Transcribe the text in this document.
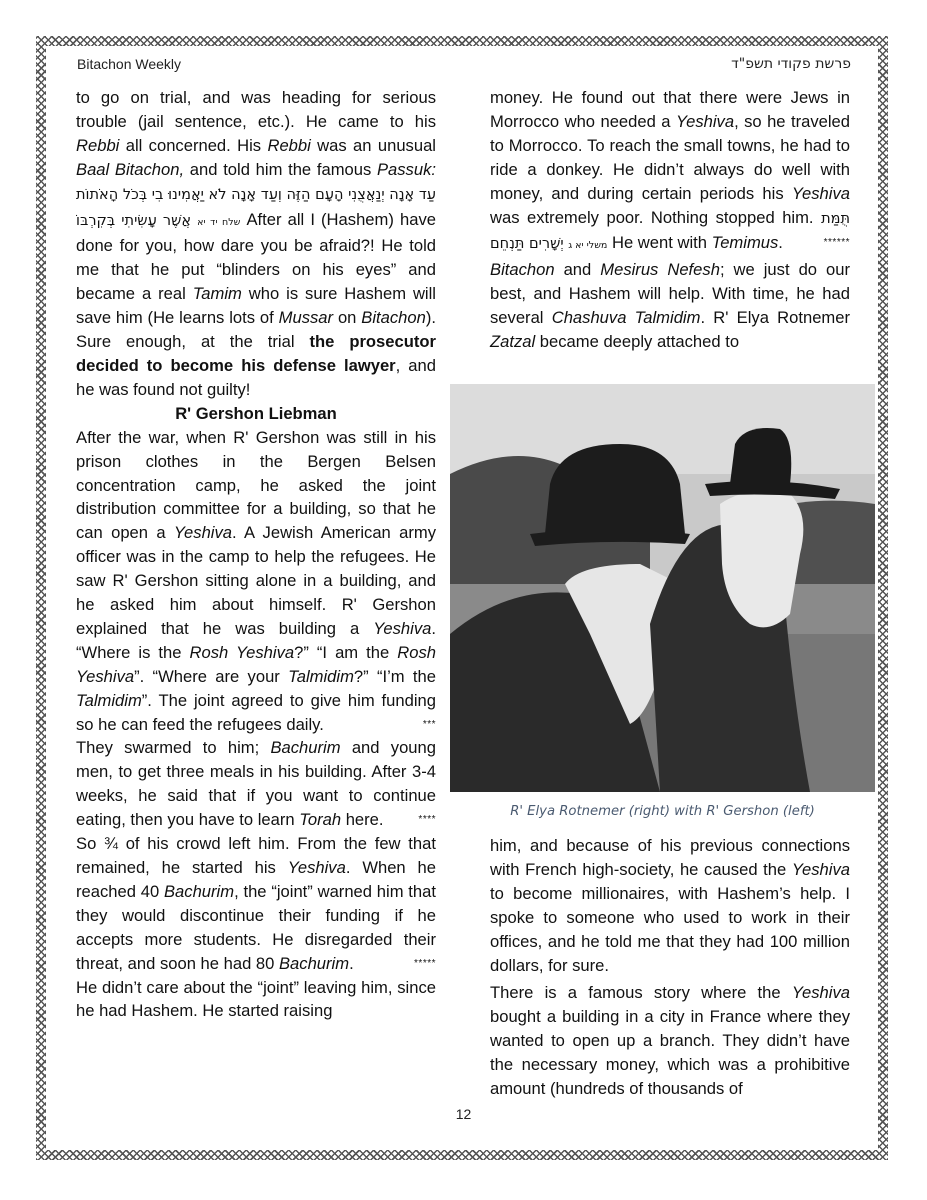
Bitachon Weekly	פרשת פקודי תשפ"ד

to go on trial, and was heading for serious trouble (jail sentence, etc.). He came to his Rebbi all concerned. His Rebbi was an unusual Baal Bitachon, and told him the famous Passuk: עַד אָנָה יְנַאֲצֻנִי הָעָם הַזֶּה וְעַד אָנָה לֹא יַאֲמִינוּ בִי בְּכֹל הָאֹתוֹת אֲשֶׁר עָשִׂיתִי בְּקִרְבּוֹ שלח יד יא After all I (Hashem) have done for you, how dare you be afraid?! He told me that he put “blinders on his eyes” and became a real Tamim who is sure Hashem will save him (He learns lots of Mussar on Bitachon). Sure enough, at the trial the prosecutor decided to become his defense lawyer, and he was found not guilty!

R' Gershon Liebman

After the war, when R' Gershon was still in his prison clothes in the Bergen Belsen concentration camp, he asked the joint distribution committee for a building, so that he can open a Yeshiva. A Jewish American army officer was in the camp to help the refugees. He saw R' Gershon sitting alone in a building, and he asked him about himself. R' Gershon explained that he was building a Yeshiva. “Where is the Rosh Yeshiva?” “I am the Rosh Yeshiva”. “Where are your Talmidim?” “I’m the Talmidim”. The joint agreed to give him funding so he can feed the refugees daily.	***

They swarmed to him; Bachurim and young men, to get three meals in his building. After 3-4 weeks, he said that if you want to continue eating, then you have to learn Torah here.	****

So ¾ of his crowd left him. From the few that remained, he started his Yeshiva. When he reached 40 Bachurim, the “joint” warned him that they would discontinue their funding if he accepts more students. He disregarded their threat, and soon he had 80 Bachurim.	*****

He didn’t care about the “joint” leaving him, since he had Hashem. He started raising

money. He found out that there were Jews in Morrocco who needed a Yeshiva, so he traveled to Morrocco. To reach the small towns, he had to ride a donkey. He didn’t always do well with money, and during certain periods his Yeshiva was extremely poor. Nothing stopped him. תֻּמַּת יְשָׁרִים תַּנְחֵם משלי יא ג He went with Temimus.	******

Bitachon and Mesirus Nefesh; we just do our best, and Hashem will help. With time, he had several Chashuva Talmidim. R' Elya Rotnemer Zatzal became deeply attached to

R' Elya Rotnemer (right) with R' Gershon (left)

him, and because of his previous connections with French high-society, he caused the Yeshiva to become millionaires, with Hashem’s help. I spoke to someone who used to work in their offices, and he told me that they had 100 million dollars, for sure.

There is a famous story where the Yeshiva bought a building in a city in France where they wanted to open up a branch. They didn’t have the necessary money, which was a prohibitive amount (hundreds of thousands of

12
